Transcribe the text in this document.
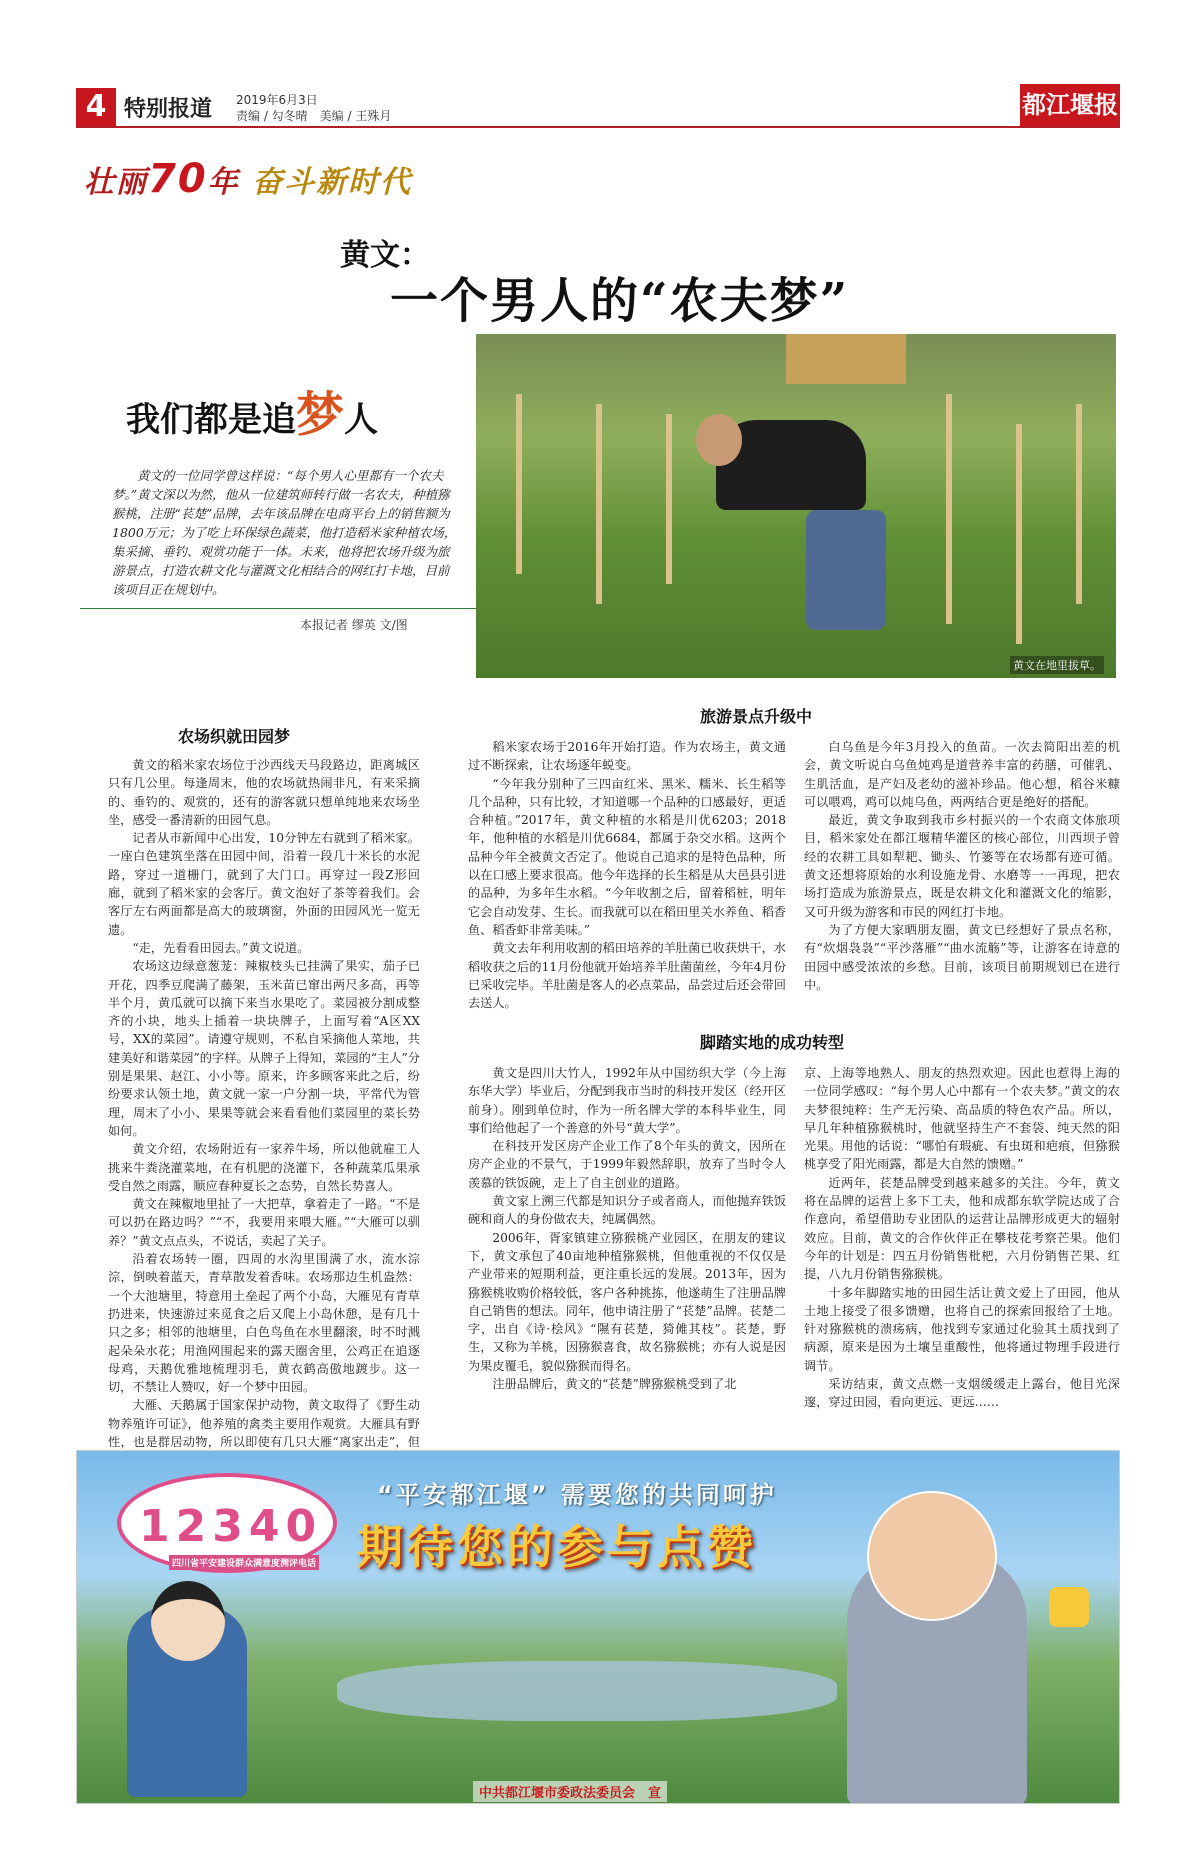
4 特别报道 2019年6月3日
责编 / 勾冬晴　美编 / 王殊月	都江堰报
壮丽70年 奋斗新时代
黄文：
一个男人的“农夫梦”
我们都是追梦人
黄文的一位同学曾这样说：“每个男人心里都有一个农夫梦。”黄文深以为然，他从一位建筑师转行做一名农夫，种植猕猴桃，注册“苌楚”品牌，去年该品牌在电商平台上的销售额为1800万元；为了吃上环保绿色蔬菜，他打造稻米家种植农场，集采摘、垂钓、观赏功能于一体。未来，他将把农场升级为旅游景点，打造农耕文化与灌溉文化相结合的网红打卡地，目前该项目正在规划中。
本报记者 缪英 文/图
黄文在地里拔草。
农场织就田园梦
旅游景点升级中

黄文的稻米家农场位于沙西线天马段路边，距离城区只有几公里。每逢周末，他的农场就热闹非凡，有来采摘的、垂钓的、观赏的，还有的游客就只想单纯地来农场坐坐，感受一番清新的田园气息。

记者从市新闻中心出发，10分钟左右就到了稻米家。一座白色建筑坐落在田园中间，沿着一段几十米长的水泥路，穿过一道栅门，就到了大门口。再穿过一段Z形回廊，就到了稻米家的会客厅。黄文泡好了茶等着我们。会客厅左右两面都是高大的玻璃窗，外面的田园风光一览无遗。

“走，先看看田园去。”黄文说道。

农场这边绿意葱茏：辣椒枝头已挂满了果实，茄子已开花，四季豆爬满了藤架，玉米苗已窜出两尺多高，再等半个月，黄瓜就可以摘下来当水果吃了。菜园被分割成整齐的小块，地头上插着一块块牌子，上面写着“A区XX号，XX的菜园”。请遵守规则，不私自采摘他人菜地，共建美好和谐菜园”的字样。从牌子上得知，菜园的“主人”分别是果果、赵江、小小等。原来，许多顾客来此之后，纷纷要求认领土地，黄文就一家一户分割一块，平常代为管理，周末了小小、果果等就会来看看他们菜园里的菜长势如何。

黄文介绍，农场附近有一家养牛场，所以他就雇工人挑来牛粪浇灌菜地，在有机肥的浇灌下，各种蔬菜瓜果承受自然之雨露，顺应春种夏长之态势，自然长势喜人。

黄文在辣椒地里扯了一大把草，拿着走了一路。“不是可以扔在路边吗？”“不，我要用来喂大雁。”“大雁可以驯养？”黄文点点头，不说话，卖起了关子。

沿着农场转一圈，四周的水沟里围满了水，流水淙淙，倒映着蓝天，青草散发着香味。农场那边生机盎然：一个大池塘里，特意用土垒起了两个小岛，大雁见有青草扔进来，快速游过来觅食之后又爬上小岛休憩，是有几十只之多；相邻的池塘里，白色鸟鱼在水里翻滚，时不时溅起朵朵水花；用渔网围起来的露天圈舍里，公鸡正在追逐母鸡，天鹅优雅地梳理羽毛，黄衣鹤高傲地踱步。这一切，不禁让人赞叹，好一个梦中田园。

大雁、天鹅属于国家保护动物，黄文取得了《野生动物养殖许可证》，他养殖的禽类主要用作观赏。大雁具有野性，也是群居动物，所以即使有几只大雁“离家出走”，但

稻米家农场于2016年开始打造。作为农场主，黄文通过不断探索，让农场逐年蜕变。

“今年我分别种了三四亩红米、黑米、糯米、长生稻等几个品种，只有比较，才知道哪一个品种的口感最好，更适合种植。”2017年，黄文种植的水稻是川优6203；2018年，他种植的水稻是川优6684，都属于杂交水稻。这两个品种今年全被黄文否定了。他说自己追求的是特色品种，所以在口感上要求很高。他今年选择的长生稻是从大邑县引进的品种，为多年生水稻。“今年收割之后，留着稻桩，明年它会自动发芽、生长。而我就可以在稻田里关水养鱼、稻香鱼、稻香虾非常美味。”

黄文去年利用收割的稻田培养的羊肚菌已收获烘干，水稻收获之后的11月份他就开始培养羊肚菌菌丝，今年4月份已采收完毕。羊肚菌是客人的必点菜品，品尝过后还会带回去送人。

白乌鱼是今年3月投入的鱼苗。一次去简阳出差的机会，黄文听说白乌鱼炖鸡是道营养丰富的药膳，可催乳、生肌活血，是产妇及老幼的滋补珍品。他心想，稻谷米糠可以喂鸡，鸡可以炖乌鱼，两两结合更是绝好的搭配。

最近，黄文争取到我市乡村振兴的一个农商文体旅项目，稻米家处在都江堰精华灌区的核心部位，川西坝子曾经的农耕工具如犁耙、锄头、竹篓等在农场都有迹可循。黄文还想将原始的水利设施龙骨、水磨等一一再现，把农场打造成为旅游景点，既是农耕文化和灌溉文化的缩影，又可升级为游客和市民的网红打卡地。

为了方便大家晒朋友圈，黄文已经想好了景点名称，有“炊烟袅袅”“平沙落雁”“曲水流觞”等，让游客在诗意的田园中感受浓浓的乡愁。目前，该项目前期规划已在进行中。

脚踏实地的成功转型

黄文是四川大竹人，1992年从中国纺织大学（今上海东华大学）毕业后，分配到我市当时的科技开发区（经开区前身）。刚到单位时，作为一所名牌大学的本科毕业生，同事们给他起了一个善意的外号“黄大学”。

在科技开发区房产企业工作了8个年头的黄文，因所在房产企业的不景气，于1999年毅然辞职，放弃了当时令人羡慕的铁饭碗，走上了自主创业的道路。

黄文家上溯三代都是知识分子或者商人，而他抛弃铁饭碗和商人的身份做农夫，纯属偶然。

2006年，胥家镇建立猕猴桃产业园区，在朋友的建议下，黄文承包了40亩地种植猕猴桃，但他重视的不仅仅是产业带来的短期利益，更注重长远的发展。2013年，因为猕猴桃收购价格较低，客户各种挑拣，他遂萌生了注册品牌自己销售的想法。同年，他申请注册了“苌楚”品牌。苌楚二字，出自《诗·桧风》“隰有苌楚，猗傩其枝”。苌楚，野生，又称为羊桃，因猕猴喜食，故名猕猴桃；亦有人说是因为果皮覆毛，貌似猕猴而得名。

注册品牌后，黄文的“苌楚”牌猕猴桃受到了北

京、上海等地熟人、朋友的热烈欢迎。因此也惹得上海的一位同学感叹：“每个男人心中都有一个农夫梦。”黄文的农夫梦很纯粹：生产无污染、高品质的特色农产品。所以，早几年种植猕猴桃时，他就坚持生产不套袋、纯天然的阳光果。用他的话说：“哪怕有瑕疵、有虫斑和疤痕，但猕猴桃享受了阳光雨露，都是大自然的馈赠。”

近两年，苌楚品牌受到越来越多的关注。今年，黄文将在品牌的运营上多下工夫，他和成都东软学院达成了合作意向，希望借助专业团队的运营让品牌形成更大的辐射效应。目前，黄文的合作伙伴正在攀枝花考察芒果。他们今年的计划是：四五月份销售枇杷，六月份销售芒果、红提，八九月份销售猕猴桃。

十多年脚踏实地的田园生活让黄文爱上了田园，他从土地上接受了很多馈赠，也将自己的探索回报给了土地。针对猕猴桃的溃疡病，他找到专家通过化验其土质找到了病源，原来是因为土壤呈重酸性，他将通过物理手段进行调节。

采访结束，黄文点燃一支烟缓缓走上露台，他目光深邃，穿过田园，看向更远、更远……

12340
四川省平安建设群众满意度测评电话
“平安都江堰” 需要您的共同呵护
期待您的参与点赞
中共都江堰市委政法委员会　宣
